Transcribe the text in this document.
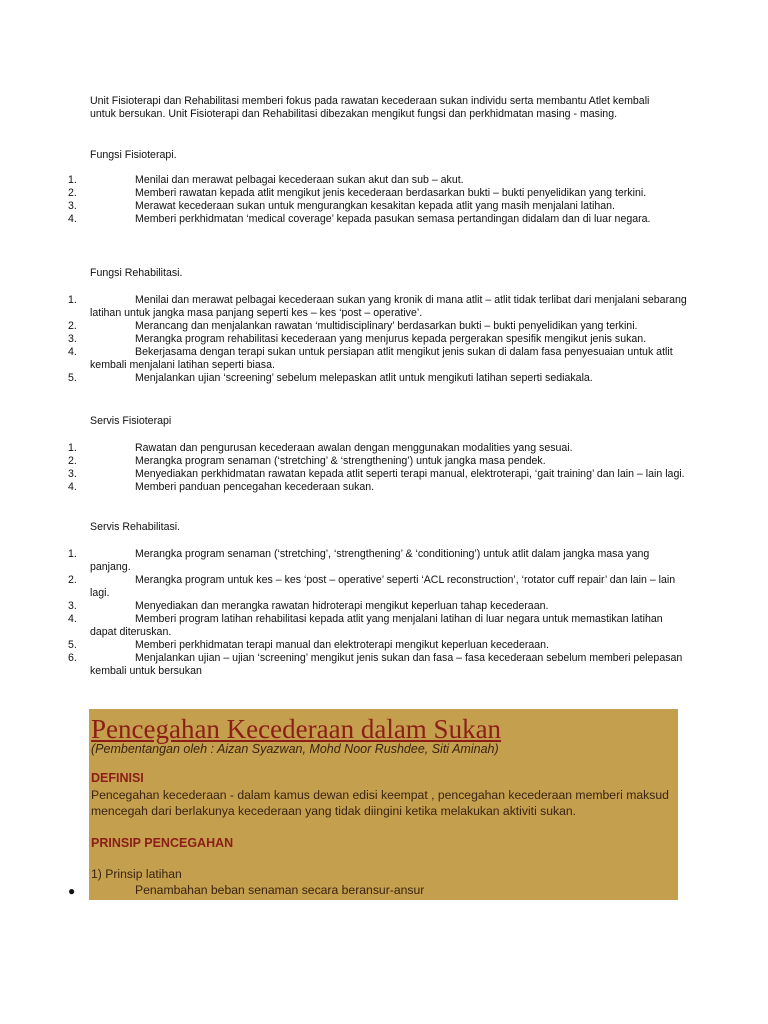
Unit Fisioterapi dan Rehabilitasi memberi fokus pada rawatan kecederaan sukan individu serta membantu Atlet kembali untuk bersukan. Unit Fisioterapi dan Rehabilitasi dibezakan mengikut fungsi dan perkhidmatan masing - masing.

Fungsi Fisioterapi.

1.	Menilai dan merawat pelbagai kecederaan sukan akut dan sub – akut.
2.	Memberi rawatan kepada atlit mengikut jenis kecederaan berdasarkan bukti – bukti penyelidikan yang terkini.
3.	Merawat kecederaan sukan untuk mengurangkan kesakitan kepada atlit yang masih menjalani latihan.
4.	Memberi perkhidmatan ‘medical coverage’ kepada pasukan semasa pertandingan didalam dan di luar negara.

Fungsi Rehabilitasi.

1.	Menilai dan merawat pelbagai kecederaan sukan yang kronik di mana atlit – atlit tidak terlibat dari menjalani sebarang latihan untuk jangka masa panjang seperti kes – kes ‘post – operative’.
2.	Merancang dan menjalankan rawatan ‘multidisciplinary’ berdasarkan bukti – bukti penyelidikan yang terkini.
3.	Merangka program rehabilitasi kecederaan yang menjurus kepada pergerakan spesifik mengikut jenis sukan.
4.	Bekerjasama dengan terapi sukan untuk persiapan atlit mengikut jenis sukan di dalam fasa penyesuaian untuk atlit kembali menjalani latihan seperti biasa.
5.	Menjalankan ujian ‘screening’ sebelum melepaskan atlit untuk mengikuti latihan seperti sediakala.

Servis Fisioterapi

1.	Rawatan dan pengurusan kecederaan awalan dengan menggunakan modalities yang sesuai.
2.	Merangka program senaman (‘stretching’ & ‘strengthening’) untuk jangka masa pendek.
3.	Menyediakan perkhidmatan rawatan kepada atlit seperti terapi manual, elektroterapi, ‘gait training’ dan lain – lain lagi.
4.	Memberi panduan pencegahan kecederaan sukan.

Servis Rehabilitasi.

1.	Merangka program senaman (‘stretching’, ‘strengthening’ & ‘conditioning’) untuk atlit dalam jangka masa yang panjang.
2.	Merangka program untuk kes – kes ‘post – operative’ seperti ‘ACL reconstruction’, ‘rotator cuff repair’ dan lain – lain lagi.
3.	Menyediakan dan merangka rawatan hidroterapi mengikut keperluan tahap kecederaan.
4.	Memberi program latihan rehabilitasi kepada atlit yang menjalani latihan di luar negara untuk memastikan latihan dapat diteruskan.
5.	Memberi perkhidmatan terapi manual dan elektroterapi mengikut keperluan kecederaan.
6.	Menjalankan ujian – ujian ‘screening’ mengikut jenis sukan dan fasa – fasa kecederaan sebelum memberi pelepasan kembali untuk bersukan
Pencegahan Kecederaan dalam Sukan

(Pembentangan oleh : Aizan Syazwan, Mohd Noor Rushdee, Siti Aminah)

DEFINISI

Pencegahan kecederaan - dalam kamus dewan edisi keempat , pencegahan kecederaan memberi maksud mencegah dari berlakunya kecederaan yang tidak diingini ketika melakukan aktiviti sukan.

PRINSIP PENCEGAHAN

1) Prinsip latihan

●	Penambahan beban senaman secara beransur-ansur
